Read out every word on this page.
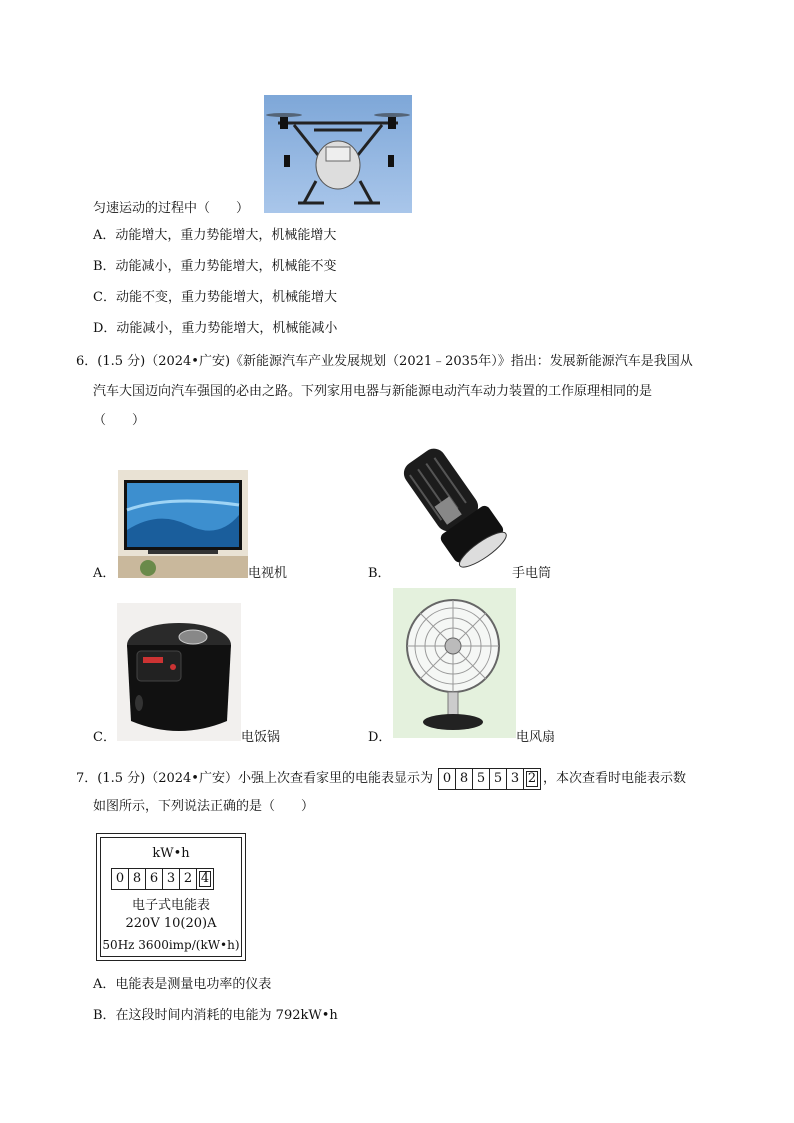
匀速运动的过程中（　　）
A．动能增大，重力势能增大，机械能增大
B．动能减小，重力势能增大，机械能不变
C．动能不变，重力势能增大，机械能增大
D．动能减小，重力势能增大，机械能减小
6．(1.5 分)（2024•广安)《新能源汽车产业发展规划（2021﹣2035年）》指出：发展新能源汽车是我国从
汽车大国迈向汽车强国的必由之路。下列家用电器与新能源电动汽车动力装置的工作原理相同的是
（　　）
A．	电视机	B．	手电筒
C．	电饭锅	D．	电风扇
7．(1.5 分)（2024•广安）小强上次查看家里的电能表显示为 0 8 5 5 3 2 ，本次查看时电能表示数
如图所示，下列说法正确的是（　　）
kW•h
0 8 6 3 2 4
电子式电能表
220V 10(20)A
50Hz 3600imp/(kW•h)
A．电能表是测量电功率的仪表
B．在这段时间内消耗的电能为 792kW•h
